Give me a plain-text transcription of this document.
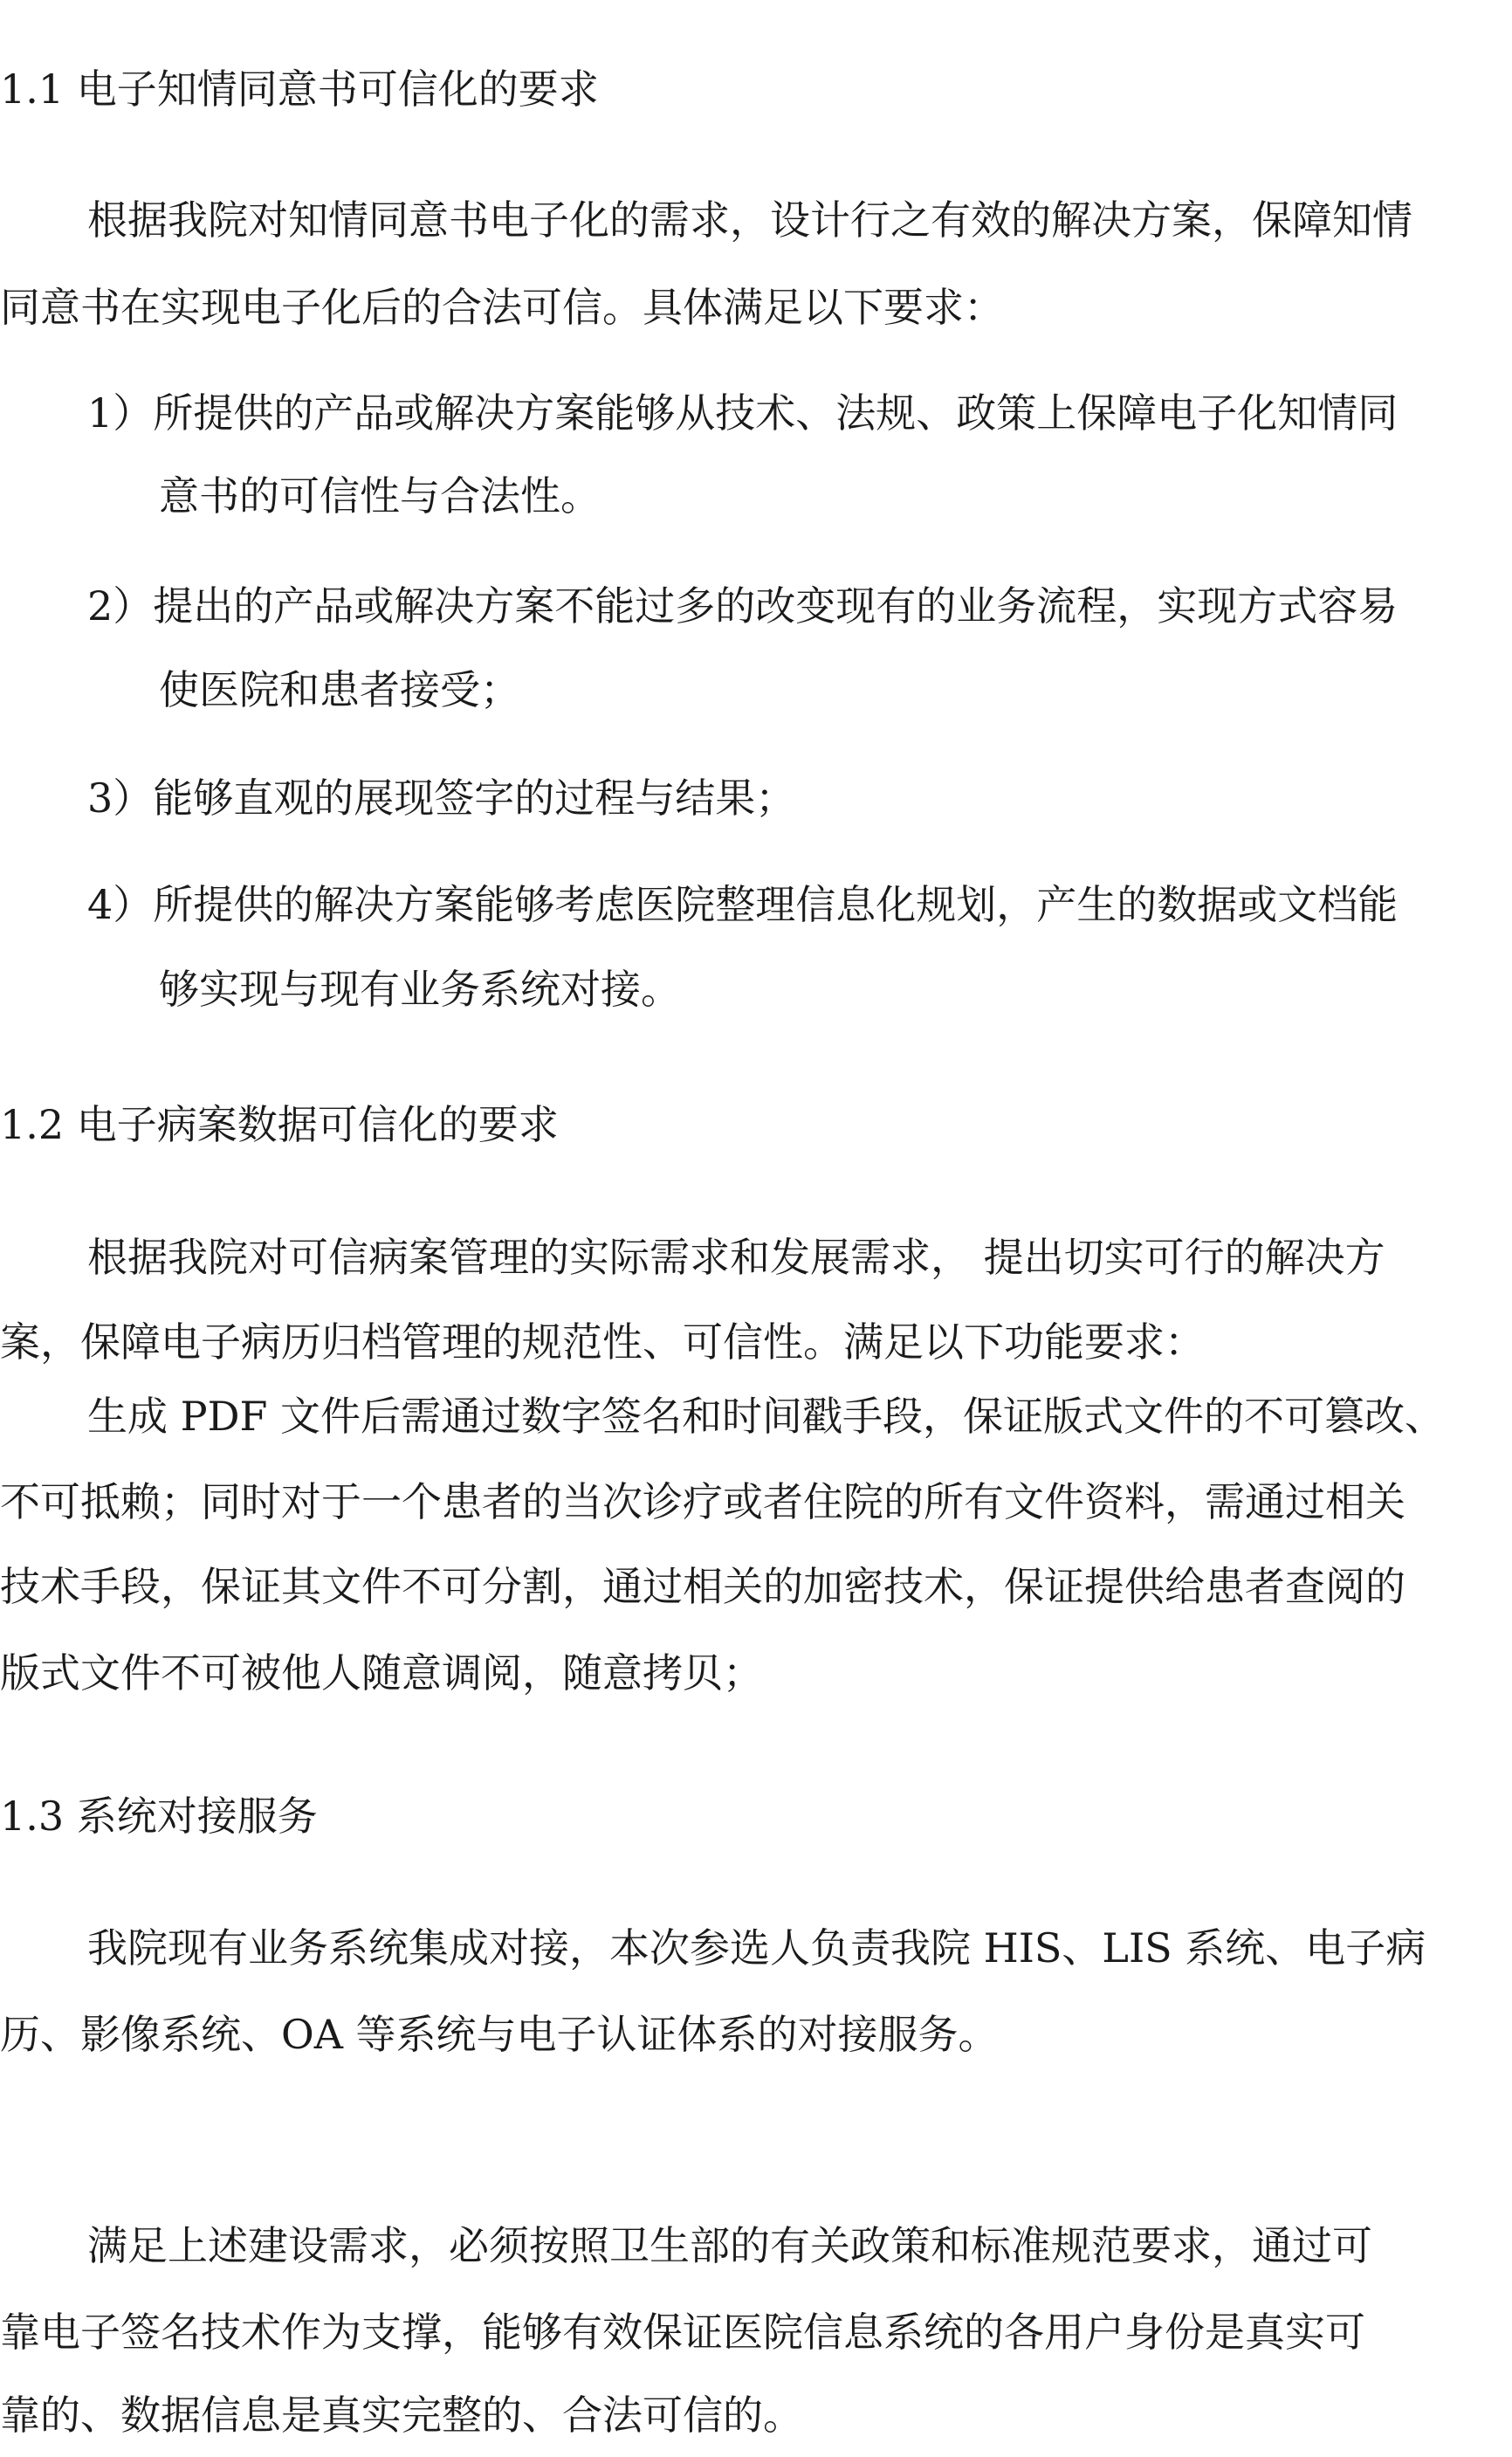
1.1 电子知情同意书可信化的要求
根据我院对知情同意书电子化的需求，设计行之有效的解决方案，保障知情
同意书在实现电子化后的合法可信。具体满足以下要求：
1）所提供的产品或解决方案能够从技术、法规、政策上保障电子化知情同
意书的可信性与合法性。
2）提出的产品或解决方案不能过多的改变现有的业务流程，实现方式容易
使医院和患者接受；
3）能够直观的展现签字的过程与结果；
4）所提供的解决方案能够考虑医院整理信息化规划，产生的数据或文档能
够实现与现有业务系统对接。
1.2 电子病案数据可信化的要求
根据我院对可信病案管理的实际需求和发展需求， 提出切实可行的解决方
案，保障电子病历归档管理的规范性、可信性。满足以下功能要求：
生成 PDF 文件后需通过数字签名和时间戳手段，保证版式文件的不可篡改、
不可抵赖；同时对于一个患者的当次诊疗或者住院的所有文件资料，需通过相关
技术手段，保证其文件不可分割，通过相关的加密技术，保证提供给患者查阅的
版式文件不可被他人随意调阅，随意拷贝；
1.3 系统对接服务
我院现有业务系统集成对接，本次参选人负责我院 HIS、LIS 系统、电子病
历、影像系统、OA 等系统与电子认证体系的对接服务。
满足上述建设需求，必须按照卫生部的有关政策和标准规范要求，通过可
靠电子签名技术作为支撑，能够有效保证医院信息系统的各用户身份是真实可
靠的、数据信息是真实完整的、合法可信的。
